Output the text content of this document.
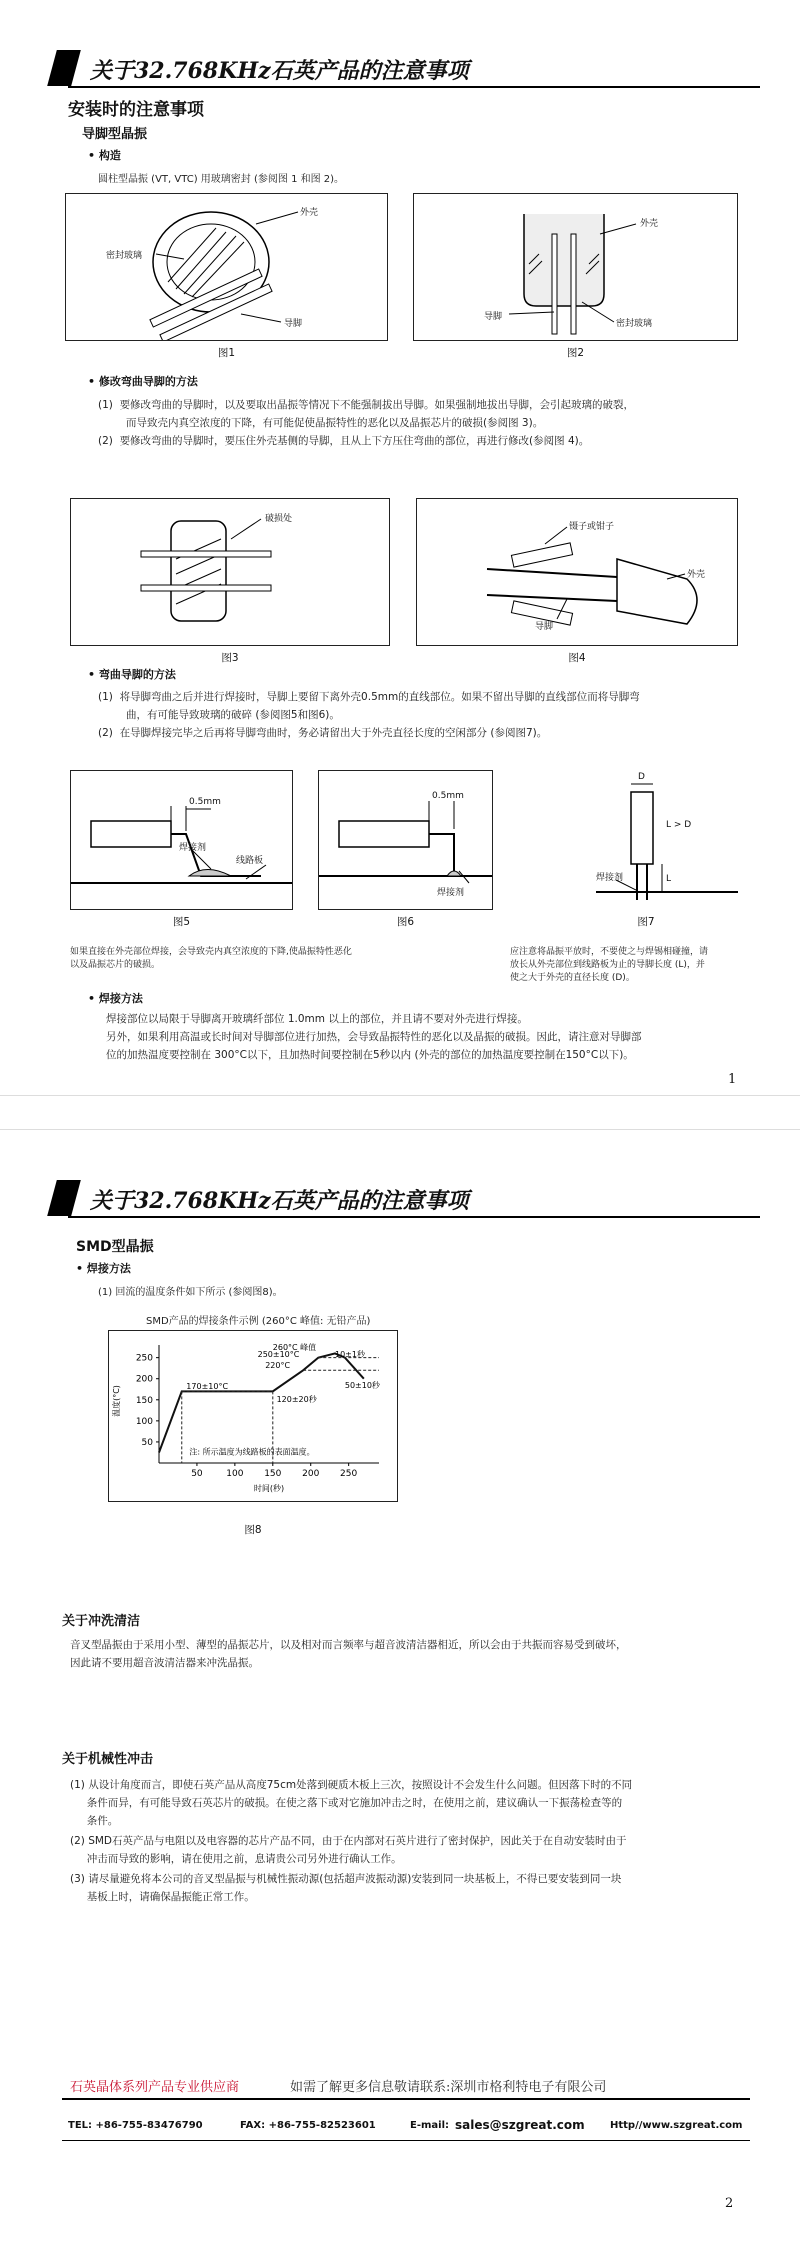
关于32.768KHz石英产品的注意事项
安装时的注意事项
导脚型晶振
• 构造
圆柱型晶振 (VT, VTC) 用玻璃密封 (参阅图 1 和图 2)。
外壳
密封玻璃
导脚
图1
外壳
导脚
密封玻璃
图2
• 修改弯曲导脚的方法
(1) 要修改弯曲的导脚时，以及要取出晶振等情况下不能强制拔出导脚。如果强制地拔出导脚，会引起玻璃的破裂，
而导致壳内真空浓度的下降，有可能促使晶振特性的恶化以及晶振芯片的破损(参阅图 3)。
(2) 要修改弯曲的导脚时，要压住外壳基侧的导脚，且从上下方压住弯曲的部位，再进行修改(参阅图 4)。
破损处
图3
镊子或钳子
外壳
导脚
图4
• 弯曲导脚的方法
(1) 将导脚弯曲之后并进行焊接时，导脚上要留下离外壳0.5mm的直线部位。如果不留出导脚的直线部位而将导脚弯
曲，有可能导致玻璃的破碎 (参阅图5和图6)。
(2) 在导脚焊接完毕之后再将导脚弯曲时，务必请留出大于外壳直径长度的空闲部分 (参阅图7)。
0.5mm
焊接剂
线路板
图5
0.5mm
焊接剂
图6
D
L > D
焊接剂	L
图7
如果直接在外壳部位焊接，会导致壳内真空浓度的下降,使晶振特性恶化
以及晶振芯片的破损。
应注意将晶振平放时，不要使之与焊锡相碰撞，请
放长从外壳部位到线路板为止的导脚长度 (L)，并
使之大于外壳的直径长度 (D)。
• 焊接方法
焊接部位以局限于导脚离开玻璃纤部位 1.0mm 以上的部位，并且请不要对外壳进行焊接。
另外，如果利用高温或长时间对导脚部位进行加热，会导致晶振特性的恶化以及晶振的破损。因此，请注意对导脚部
位的加热温度要控制在 300°C以下，且加热时间要控制在5秒以内 (外壳的部位的加热温度要控制在150°C以下)。
1
关于32.768KHz石英产品的注意事项
SMD型晶振
• 焊接方法
(1) 回流的温度条件如下所示 (参阅图8)。
SMD产品的焊接条件示例 (260°C 峰值: 无铅产品)
50	100 150 200 250
50
100
150
200
250
260°C 峰值
250±10°C
220°C
10±1秒
170±10°C	50±10秒
120±20秒
注: 所示温度为线路板的表面温度。
时间(秒)
温度(°C)
图8
关于冲洗清洁
音叉型晶振由于采用小型、薄型的晶振芯片，以及相对而言频率与超音波清洁器相近，所以会由于共振而容易受到破坏，
因此请不要用超音波清洁器来冲洗晶振。
关于机械性冲击
(1) 从设计角度而言，即使石英产品从高度75cm处落到硬质木板上三次，按照设计不会发生什么问题。但因落下时的不同
条件而异，有可能导致石英芯片的破损。在使之落下或对它施加冲击之时，在使用之前，建议确认一下振荡检查等的
条件。
(2) SMD石英产品与电阻以及电容器的芯片产品不同，由于在内部对石英片进行了密封保护，因此关于在自动安装时由于
冲击而导致的影响，请在使用之前，息请贵公司另外进行确认工作。
(3) 请尽量避免将本公司的音叉型晶振与机械性振动源(包括超声波振动源)安装到同一块基板上，不得已要安装到同一块
基板上时，请确保晶振能正常工作。
石英晶体系列产品专业供应商	如需了解更多信息敬请联系:深圳市格利特电子有限公司
TEL: +86-755-83476790	FAX: +86-755-82523601	E-mail: sales@szgreat.com	Http//www.szgreat.com
2
